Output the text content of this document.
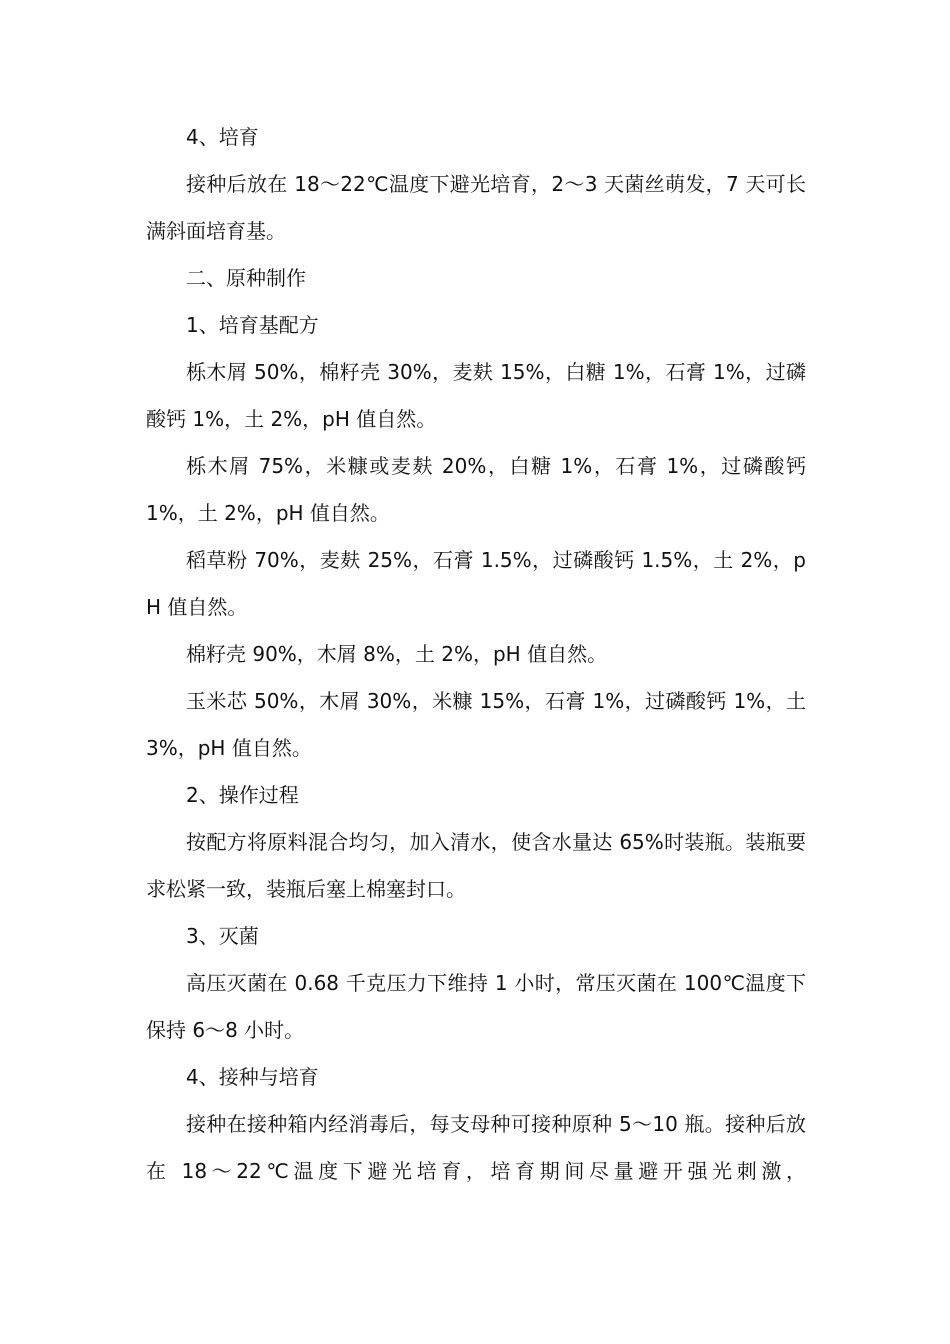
4、培育

接种后放在 18～22℃温度下避光培育，2～3 天菌丝萌发，7 天可长满斜面培育基。

二、原种制作

1、培育基配方

栎木屑 50%，棉籽壳 30%，麦麸 15%，白糖 1%，石膏 1%，过磷酸钙 1%，土 2%，pH 值自然。

栎木屑 75%，米糠或麦麸 20%，白糖 1%，石膏 1%，过磷酸钙 1%，土 2%，pH 值自然。

稻草粉 70%，麦麸 25%，石膏 1.5%，过磷酸钙 1.5%，土 2%，pH 值自然。

棉籽壳 90%，木屑 8%，土 2%，pH 值自然。

玉米芯 50%，木屑 30%，米糠 15%，石膏 1%，过磷酸钙 1%，土 3%，pH 值自然。

2、操作过程

按配方将原料混合均匀，加入清水，使含水量达 65%时装瓶。装瓶要求松紧一致，装瓶后塞上棉塞封口。

3、灭菌

高压灭菌在 0.68 千克压力下维持 1 小时，常压灭菌在 100℃温度下保持 6～8 小时。

4、接种与培育

接种在接种箱内经消毒后，每支母种可接种原种 5～10 瓶。接种后放在 18～22℃温度下避光培育，培育期间尽量避开强光刺激，
